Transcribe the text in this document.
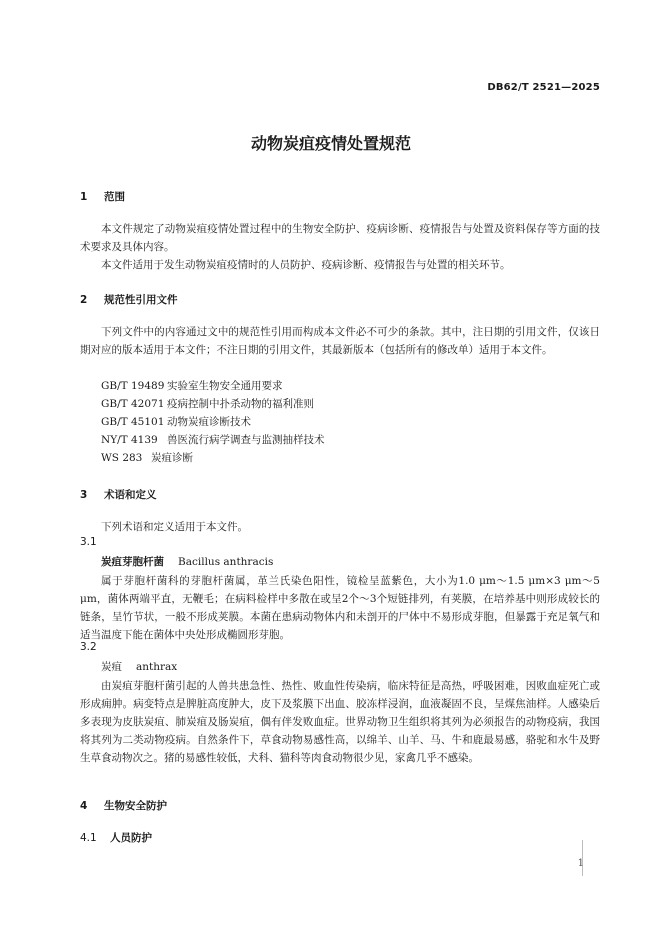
DB62/T 2521—2025
动物炭疽疫情处置规范
1 范围

本文件规定了动物炭疽疫情处置过程中的生物安全防护、疫病诊断、疫情报告与处置及资料保存等方面的技术要求及具体内容。

本文件适用于发生动物炭疽疫情时的人员防护、疫病诊断、疫情报告与处置的相关环节。

2 规范性引用文件

下列文件中的内容通过文中的规范性引用而构成本文件必不可少的条款。其中，注日期的引用文件，仅该日期对应的版本适用于本文件；不注日期的引用文件，其最新版本（包括所有的修改单）适用于本文件。

GB/T 19489 实验室生物安全通用要求
GB/T 42071 疫病控制中扑杀动物的福利准则
GB/T 45101 动物炭疽诊断技术
NY/T 4139 兽医流行病学调查与监测抽样技术
WS 283 炭疽诊断
3 术语和定义

下列术语和定义适用于本文件。

3.1
炭疽芽胞杆菌 Bacillus anthracis

属于芽胞杆菌科的芽胞杆菌属，革兰氏染色阳性，镜检呈蓝紫色，大小为1.0 μm～1.5 μm×3 μm～5 μm，菌体两端平直，无鞭毛；在病料检样中多散在或呈2个～3个短链排列，有荚膜，在培养基中则形成较长的链条，呈竹节状，一般不形成荚膜。本菌在患病动物体内和未剖开的尸体中不易形成芽胞，但暴露于充足氧气和适当温度下能在菌体中央处形成椭圆形芽胞。

3.2
炭疽 anthrax

由炭疽芽胞杆菌引起的人兽共患急性、热性、败血性传染病，临床特征是高热，呼吸困难，因败血症死亡或形成痈肿。病变特点是脾脏高度肿大，皮下及浆膜下出血、胶冻样浸润，血液凝固不良，呈煤焦油样。人感染后多表现为皮肤炭疽、肺炭疽及肠炭疽，偶有伴发败血症。世界动物卫生组织将其列为必须报告的动物疫病，我国将其列为二类动物疫病。自然条件下，草食动物易感性高，以绵羊、山羊、马、牛和鹿最易感，骆驼和水牛及野生草食动物次之。猪的易感性较低，犬科、猫科等肉食动物很少见，家禽几乎不感染。

4 生物安全防护
4.1 人员防护
1
